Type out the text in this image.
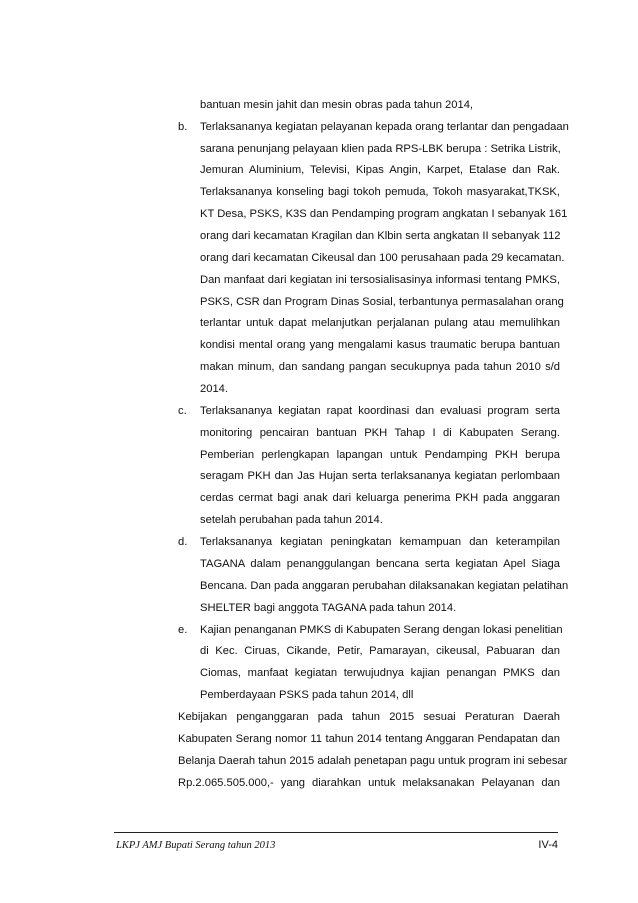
bantuan mesin jahit dan mesin obras pada tahun 2014,
b. Terlaksananya kegiatan pelayanan kepada orang terlantar dan pengadaan
sarana penunjang pelayaan klien pada RPS-LBK berupa : Setrika Listrik,
Jemuran Aluminium, Televisi, Kipas Angin, Karpet, Etalase dan Rak.
Terlaksananya konseling bagi tokoh pemuda, Tokoh masyarakat,TKSK,
KT Desa, PSKS, K3S dan Pendamping program angkatan I sebanyak 161
orang dari kecamatan Kragilan dan Klbin serta angkatan II sebanyak 112
orang dari kecamatan Cikeusal dan 100 perusahaan pada 29 kecamatan.
Dan manfaat dari kegiatan ini tersosialisasinya informasi tentang PMKS,
PSKS, CSR dan Program Dinas Sosial, terbantunya permasalahan orang
terlantar untuk dapat melanjutkan perjalanan pulang atau memulihkan
kondisi mental orang yang mengalami kasus traumatic berupa bantuan
makan minum, dan sandang pangan secukupnya pada tahun 2010 s/d
2014.
c. Terlaksananya kegiatan rapat koordinasi dan evaluasi program serta
monitoring pencairan bantuan PKH Tahap I di Kabupaten Serang.
Pemberian perlengkapan lapangan untuk Pendamping PKH berupa
seragam PKH dan Jas Hujan serta terlaksananya kegiatan perlombaan
cerdas cermat bagi anak dari keluarga penerima PKH pada anggaran
setelah perubahan pada tahun 2014.
d. Terlaksananya kegiatan peningkatan kemampuan dan keterampilan
TAGANA dalam penanggulangan bencana serta kegiatan Apel Siaga
Bencana. Dan pada anggaran perubahan dilaksanakan kegiatan pelatihan
SHELTER bagi anggota TAGANA pada tahun 2014.
e. Kajian penanganan PMKS di Kabupaten Serang dengan lokasi penelitian
di Kec. Ciruas, Cikande, Petir, Pamarayan, cikeusal, Pabuaran dan
Ciomas, manfaat kegiatan terwujudnya kajian penangan PMKS dan
Pemberdayaan PSKS pada tahun 2014, dll
Kebijakan penganggaran pada tahun 2015 sesuai Peraturan Daerah
Kabupaten Serang nomor 11 tahun 2014 tentang Anggaran Pendapatan dan
Belanja Daerah tahun 2015 adalah penetapan pagu untuk program ini sebesar
Rp.2.065.505.000,- yang diarahkan untuk melaksanakan Pelayanan dan
LKPJ AMJ Bupati Serang tahun 2013	IV-4
